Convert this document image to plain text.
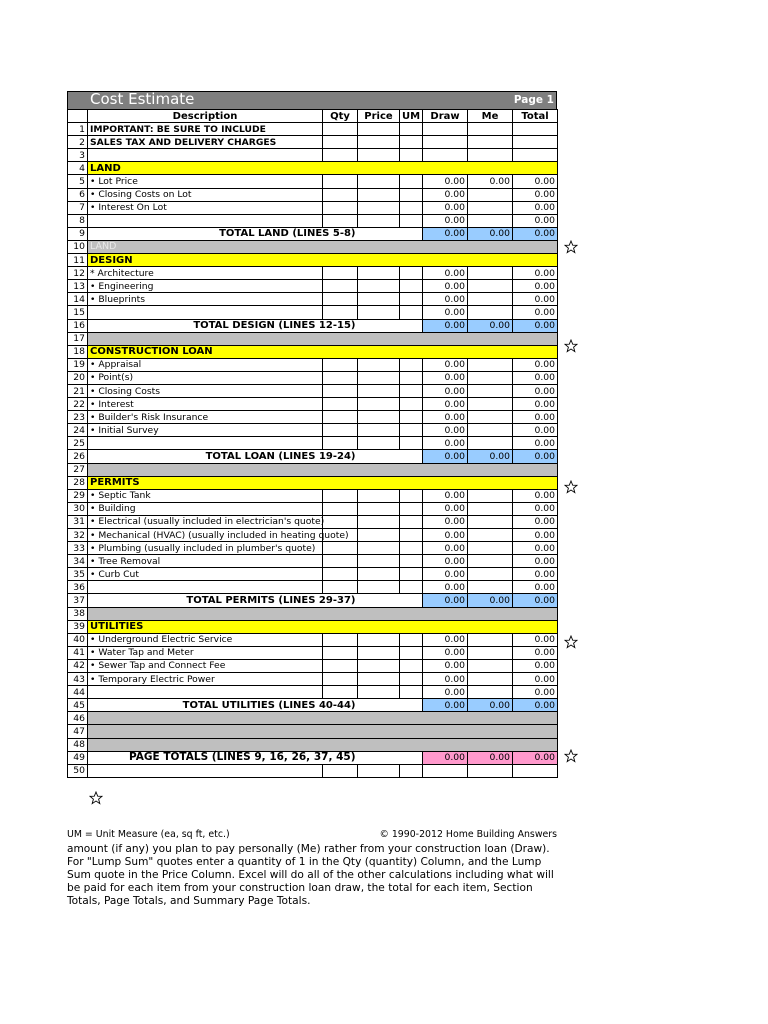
Cost Estimate	Page 1
	Description	Qty	Price	UM	Draw	Me	Total
1	IMPORTANT: BE SURE TO INCLUDE						
2	SALES TAX AND DELIVERY CHARGES						
3							
4	LAND						
5	• Lot Price				0.00	0.00	0.00
6	• Closing Costs on Lot				0.00		0.00
7	• Interest On Lot				0.00		0.00
8					0.00		0.00
9	TOTAL LAND (LINES 5-8)				0.00	0.00	0.00
10	LAND						
11	DESIGN						
12	* Architecture				0.00		0.00
13	• Engineering				0.00		0.00
14	• Blueprints				0.00		0.00
15					0.00		0.00
16	TOTAL DESIGN (LINES 12-15)				0.00	0.00	0.00
17							
18	CONSTRUCTION LOAN						
19	• Appraisal				0.00		0.00
20	• Point(s)				0.00		0.00
21	• Closing Costs				0.00		0.00
22	• Interest				0.00		0.00
23	• Builder's Risk Insurance				0.00		0.00
24	• Initial Survey				0.00		0.00
25					0.00		0.00
26	TOTAL LOAN (LINES 19-24)				0.00	0.00	0.00
27							
28	PERMITS						
29	• Septic Tank				0.00		0.00
30	• Building				0.00		0.00
31	• Electrical (usually included in electrician's quote)				0.00		0.00
32	• Mechanical (HVAC) (usually included in heating quote)				0.00		0.00
33	• Plumbing (usually included in plumber's quote)				0.00		0.00
34	• Tree Removal				0.00		0.00
35	• Curb Cut				0.00		0.00
36					0.00		0.00
37	TOTAL PERMITS (LINES 29-37)				0.00	0.00	0.00
38							
39	UTILITIES						
40	• Underground Electric Service				0.00		0.00
41	• Water Tap and Meter				0.00		0.00
42	• Sewer Tap and Connect Fee				0.00		0.00
43	• Temporary Electric Power				0.00		0.00
44					0.00		0.00
45	TOTAL UTILITIES (LINES 40-44)				0.00	0.00	0.00
46							
47							
48							
49	PAGE TOTALS (LINES 9, 16, 26, 37, 45)				0.00	0.00	0.00
50							
UM = Unit Measure (ea, sq ft, etc.)	© 1990-2012 Home Building Answers
amount (if any) you plan to pay personally (Me) rather from your construction loan (Draw). For "Lump Sum" quotes enter a quantity of 1 in the Qty (quantity) Column, and the Lump Sum quote in the Price Column. Excel will do all of the other calculations including what will be paid for each item from your construction loan draw, the total for each item, Section Totals, Page Totals, and Summary Page Totals.
